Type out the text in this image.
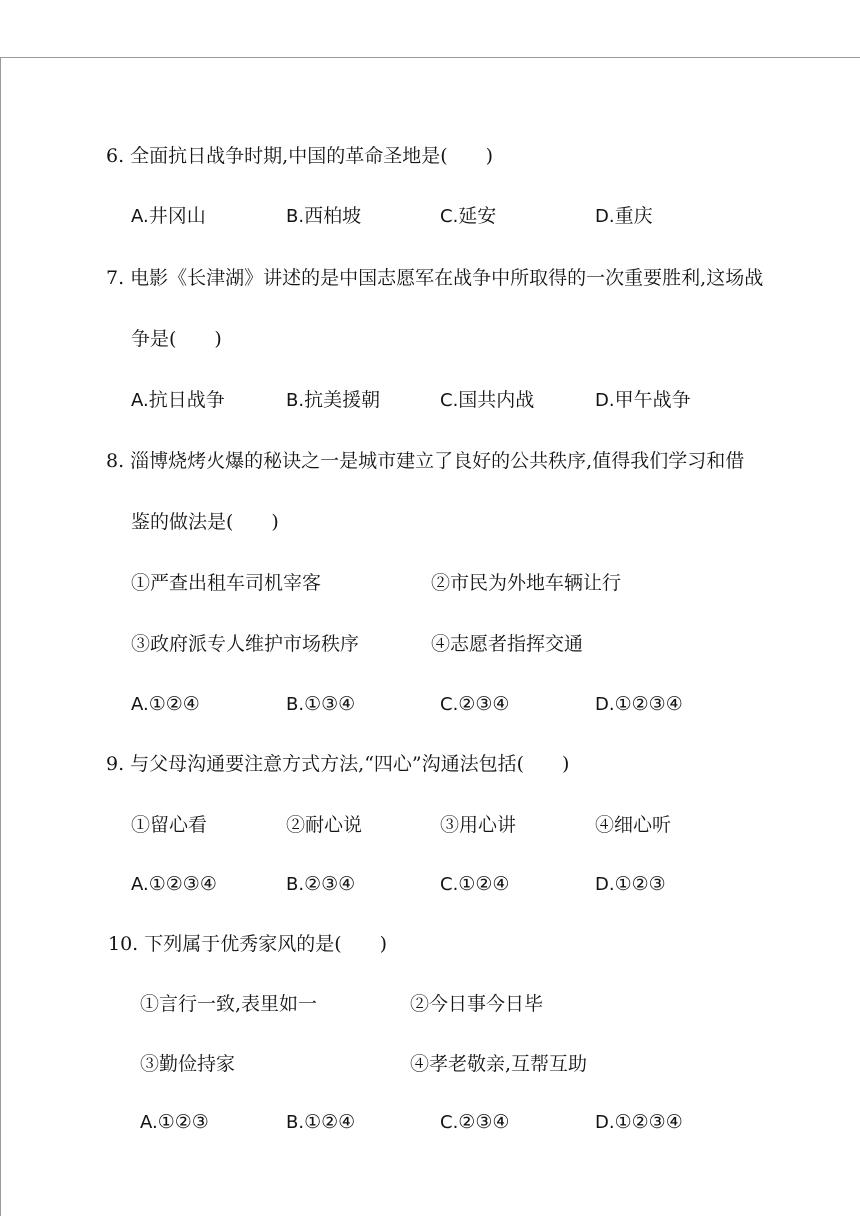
6. 全面抗日战争时期,中国的革命圣地是(　　)
A.井冈山	B.西柏坡	C.延安	D.重庆
7. 电影《长津湖》讲述的是中国志愿军在战争中所取得的一次重要胜利,这场战
争是(　　)
A.抗日战争	B.抗美援朝	C.国共内战	D.甲午战争
8. 淄博烧烤火爆的秘诀之一是城市建立了良好的公共秩序,值得我们学习和借
鉴的做法是(　　)
①严查出租车司机宰客	②市民为外地车辆让行
③政府派专人维护市场秩序	④志愿者指挥交通
A.①②④	B.①③④	C.②③④	D.①②③④
9. 与父母沟通要注意方式方法,“四心”沟通法包括(　　)
①留心看	②耐心说	③用心讲	④细心听
A.①②③④	B.②③④	C.①②④	D.①②③
10. 下列属于优秀家风的是(　　)
①言行一致,表里如一	②今日事今日毕
③勤俭持家	④孝老敬亲,互帮互助
A.①②③	B.①②④	C.②③④	D.①②③④
